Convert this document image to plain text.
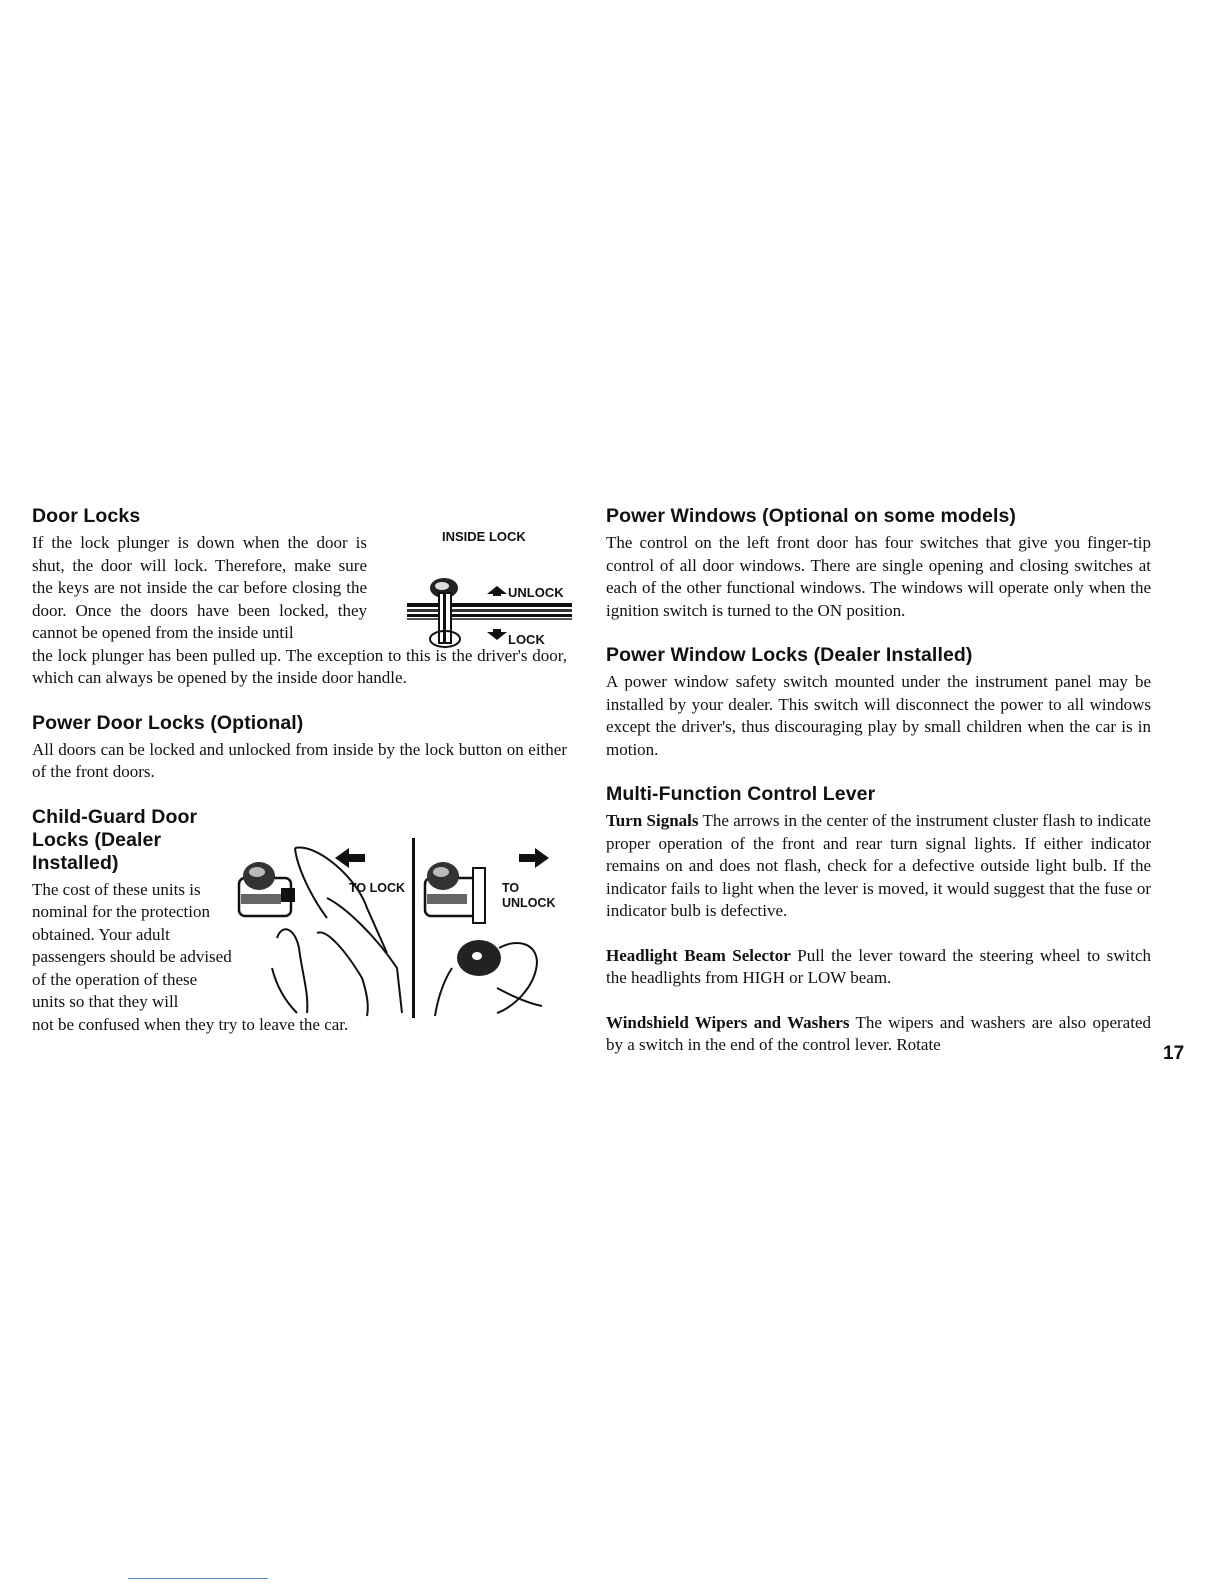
Door Locks

If the lock plunger is down when the door is shut, the door will lock. Therefore, make sure the keys are not inside the car before closing the door. Once the doors have been locked, they cannot be opened from the inside until

the lock plunger has been pulled up. The exception to this is the driver's door, which can always be opened by the inside door handle.

INSIDE LOCK
UNLOCK
LOCK
Power Door Locks (Optional)

All doors can be locked and unlocked from inside by the lock button on either of the front doors.

Child-Guard Door Locks (Dealer Installed)

The cost of these units is nominal for the protection obtained. Your adult passengers should be advised of the operation of these units so that they will

not be confused when they try to leave the car.

TO LOCK	TO UNLOCK
Power Windows (Optional on some models)

The control on the left front door has four switches that give you finger-tip control of all door windows. There are single opening and closing switches at each of the other functional windows. The windows will operate only when the ignition switch is turned to the ON position.

Power Window Locks (Dealer Installed)

A power window safety switch mounted under the instrument panel may be installed by your dealer. This switch will disconnect the power to all windows except the driver's, thus discouraging play by small children when the car is in motion.

Multi-Function Control Lever

Turn Signals The arrows in the center of the instrument cluster flash to indicate proper operation of the front and rear turn signal lights. If either indicator remains on and does not flash, check for a defective outside light bulb. If the indicator fails to light when the lever is moved, it would suggest that the fuse or indicator bulb is defective.

Headlight Beam Selector Pull the lever toward the steering wheel to switch the headlights from HIGH or LOW beam.

Windshield Wipers and Washers The wipers and washers are also operated by a switch in the end of the control lever. Rotate	17
